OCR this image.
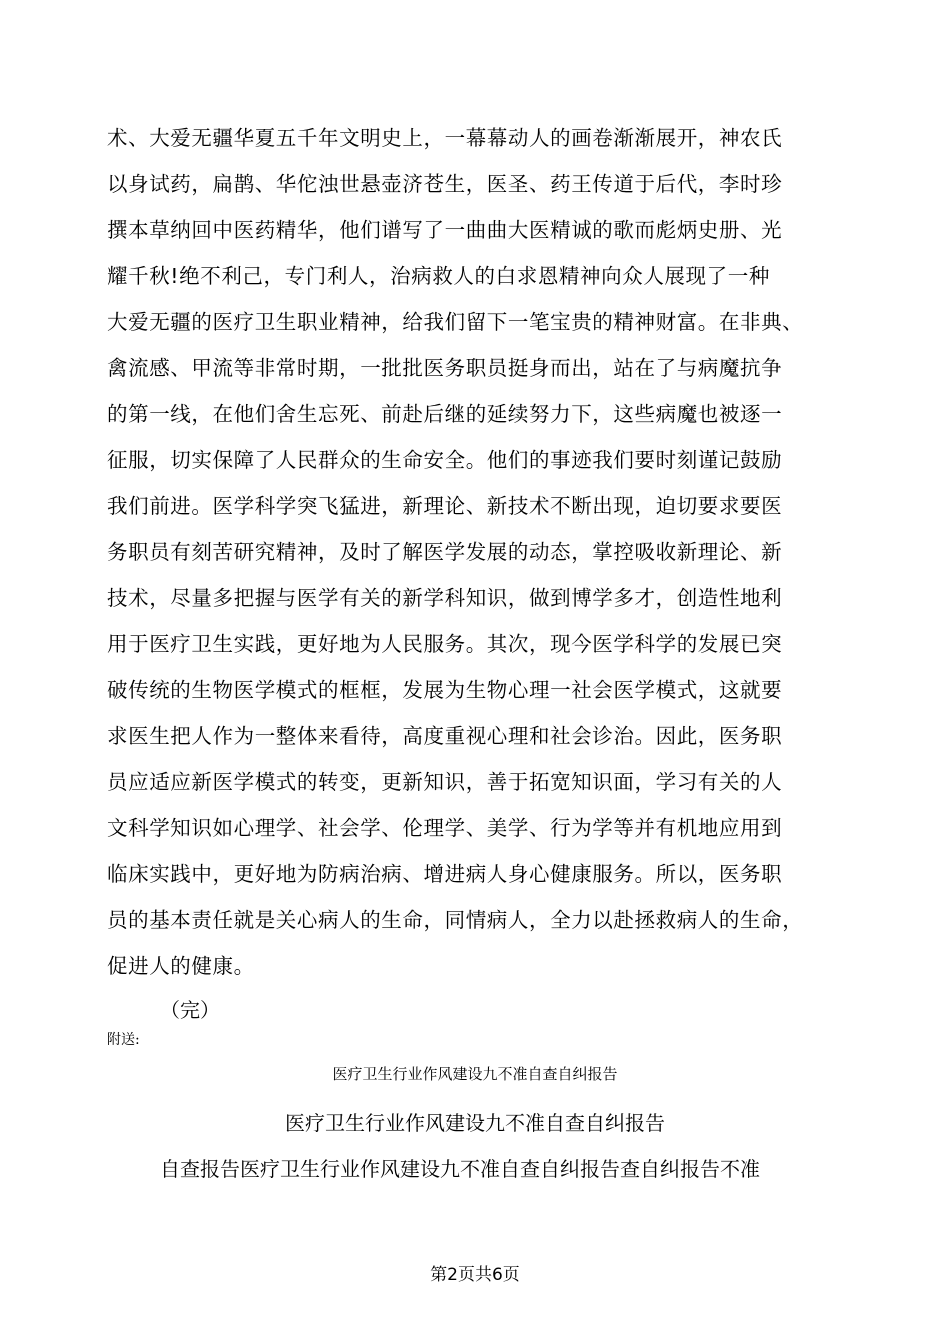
术、大爱无疆华夏五千年文明史上，一幕幕动人的画卷渐渐展开，神农氏
以身试药，扁鹊、华佗浊世悬壶济苍生，医圣、药王传道于后代，李时珍
撰本草纳回中医药精华，他们谱写了一曲曲大医精诚的歌而彪炳史册、光
耀千秋!绝不利己，专门利人，治病救人的白求恩精神向众人展现了一种
大爱无疆的医疗卫生职业精神，给我们留下一笔宝贵的精神财富。在非典、
禽流感、甲流等非常时期，一批批医务职员挺身而出，站在了与病魔抗争
的第一线，在他们舍生忘死、前赴后继的延续努力下，这些病魔也被逐一
征服，切实保障了人民群众的生命安全。他们的事迹我们要时刻谨记鼓励
我们前进。医学科学突飞猛进，新理论、新技术不断出现，迫切要求要医
务职员有刻苦研究精神，及时了解医学发展的动态，掌控吸收新理论、新
技术，尽量多把握与医学有关的新学科知识，做到博学多才，创造性地利
用于医疗卫生实践，更好地为人民服务。其次，现今医学科学的发展已突
破传统的生物医学模式的框框，发展为生物心理一社会医学模式，这就要
求医生把人作为一整体来看待，高度重视心理和社会诊治。因此，医务职
员应适应新医学模式的转变，更新知识，善于拓宽知识面，学习有关的人
文科学知识如心理学、社会学、伦理学、美学、行为学等并有机地应用到
临床实践中，更好地为防病治病、增进病人身心健康服务。所以，医务职
员的基本责任就是关心病人的生命，同情病人，全力以赴拯救病人的生命，
促进人的健康。
（完）
附送:
医疗卫生行业作风建设九不准自查自纠报告
医疗卫生行业作风建设九不准自查自纠报告
自查报告医疗卫生行业作风建设九不准自查自纠报告查自纠报告不准
第2页共6页
